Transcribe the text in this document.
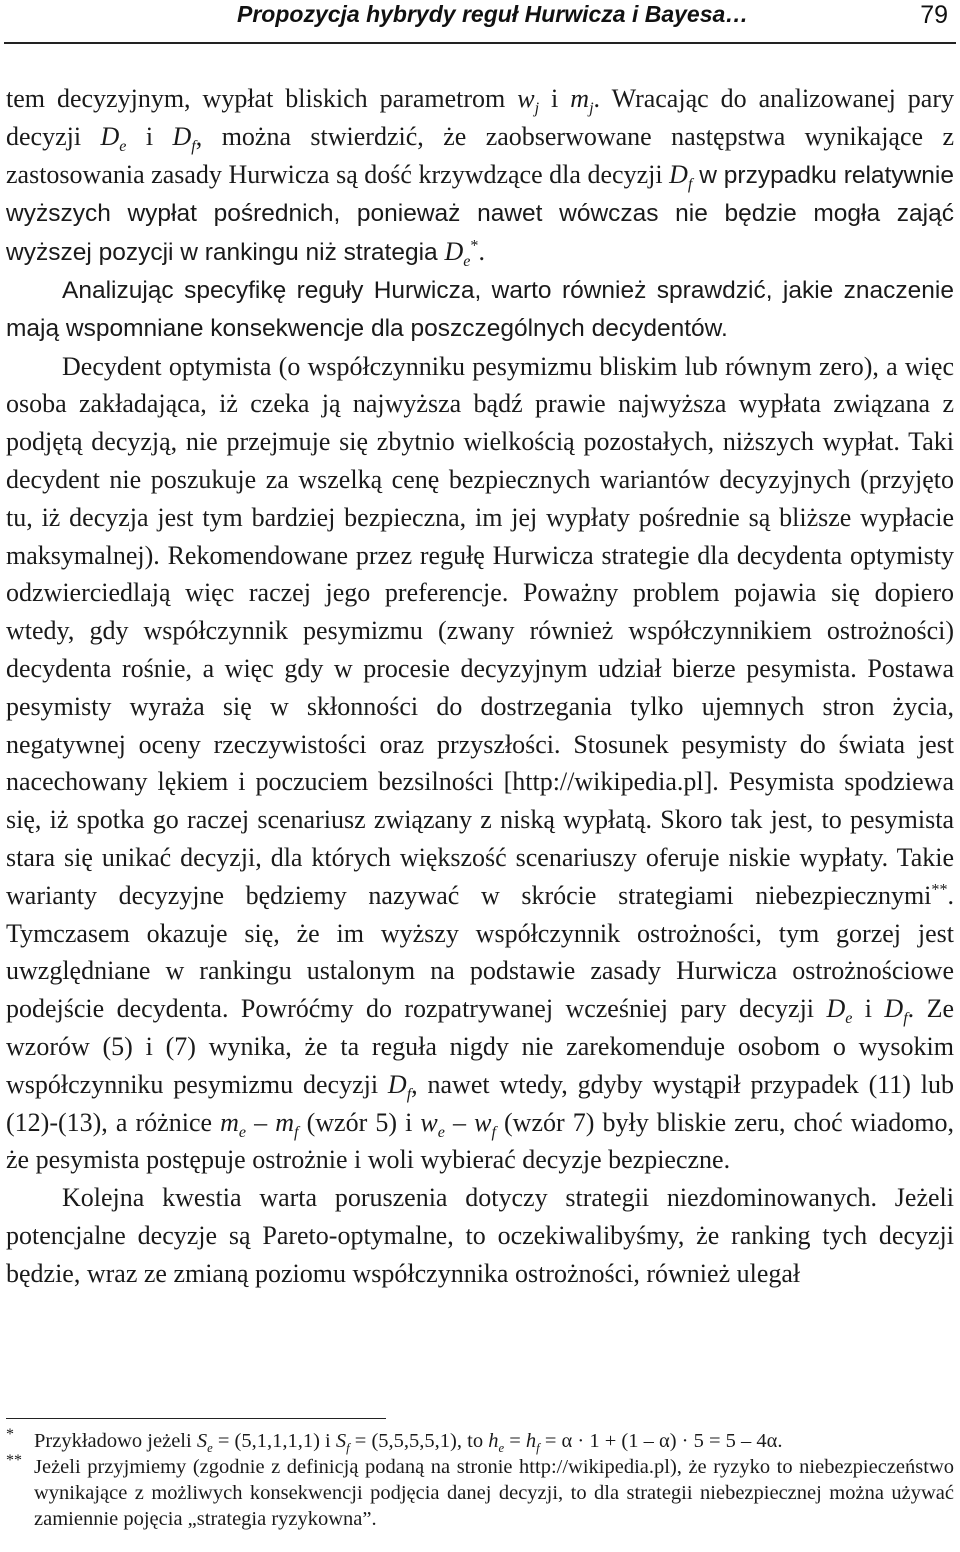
Propozycja hybrydy reguł Hurwicza i Bayesa…	79

tem decyzyjnym, wypłat bliskich parametrom $w_j$ i $m_j$. Wracając do analizowanej pary decyzji $D_e$ i $D_f$, można stwierdzić, że zaobserwowane następstwa wynikające z zastosowania zasady Hurwicza są dość krzywdzące dla decyzji $D_f$ w przypadku relatywnie wyższych wypłat pośrednich, ponieważ nawet wówczas nie będzie mogła zająć wyższej pozycji w rankingu niż strategia $D_e^*$.

Analizując specyfikę reguły Hurwicza, warto również sprawdzić, jakie znaczenie mają wspomniane konsekwencje dla poszczególnych decydentów.

Decydent optymista (o współczynniku pesymizmu bliskim lub równym zero), a więc osoba zakładająca, iż czeka ją najwyższa bądź prawie najwyższa wypłata związana z podjętą decyzją, nie przejmuje się zbytnio wielkością pozostałych, niższych wypłat. Taki decydent nie poszukuje za wszelką cenę bezpiecznych wariantów decyzyjnych (przyjęto tu, iż decyzja jest tym bardziej bezpieczna, im jej wypłaty pośrednie są bliższe wypłacie maksymalnej). Rekomendowane przez regułę Hurwicza strategie dla decydenta optymisty odzwierciedlają więc raczej jego preferencje. Poważny problem pojawia się dopiero wtedy, gdy współczynnik pesymizmu (zwany również współczynnikiem ostrożności) decydenta rośnie, a więc gdy w procesie decyzyjnym udział bierze pesymista. Postawa pesymisty wyraża się w skłonności do dostrzegania tylko ujemnych stron życia, negatywnej oceny rzeczywistości oraz przyszłości. Stosunek pesymisty do świata jest nacechowany lękiem i poczuciem bezsilności [http://wikipedia.pl]. Pesymista spodziewa się, iż spotka go raczej scenariusz związany z niską wypłatą. Skoro tak jest, to pesymista stara się unikać decyzji, dla których większość scenariuszy oferuje niskie wypłaty. Takie warianty decyzyjne będziemy nazywać w skrócie strategiami niebezpiecznymi**. Tymczasem okazuje się, że im wyższy współczynnik ostrożności, tym gorzej jest uwzględniane w rankingu ustalonym na podstawie zasady Hurwicza ostrożnościowe podejście decydenta. Powróćmy do rozpatrywanej wcześniej pary decyzji $D_e$ i $D_f$. Ze wzorów (5) i (7) wynika, że ta reguła nigdy nie zarekomenduje osobom o wysokim współczynniku pesymizmu decyzji $D_f$, nawet wtedy, gdyby wystąpił przypadek (11) lub (12)-(13), a różnice $m_e - m_f$ (wzór 5) i $w_e - w_f$ (wzór 7) były bliskie zeru, choć wiadomo, że pesymista postępuje ostrożnie i woli wybierać decyzje bezpieczne.

Kolejna kwestia warta poruszenia dotyczy strategii niezdominowanych. Jeżeli potencjalne decyzje są Pareto-optymalne, to oczekiwalibyśmy, że ranking tych decyzji będzie, wraz ze zmianą poziomu współczynnika ostrożności, również ulegał

* Przykładowo jeżeli $S_e = (5,1,1,1,1)$ i $S_f = (5,5,5,5,1)$, to $h_e = h_f = \alpha \cdot 1 + (1 - \alpha) \cdot 5 = 5 - 4\alpha$.

** Jeżeli przyjmiemy (zgodnie z definicją podaną na stronie http://wikipedia.pl), że ryzyko to niebezpieczeństwo wynikające z możliwych konsekwencji podjęcia danej decyzji, to dla strategii niebezpiecznej można używać zamiennie pojęcia „strategia ryzykowna”.
